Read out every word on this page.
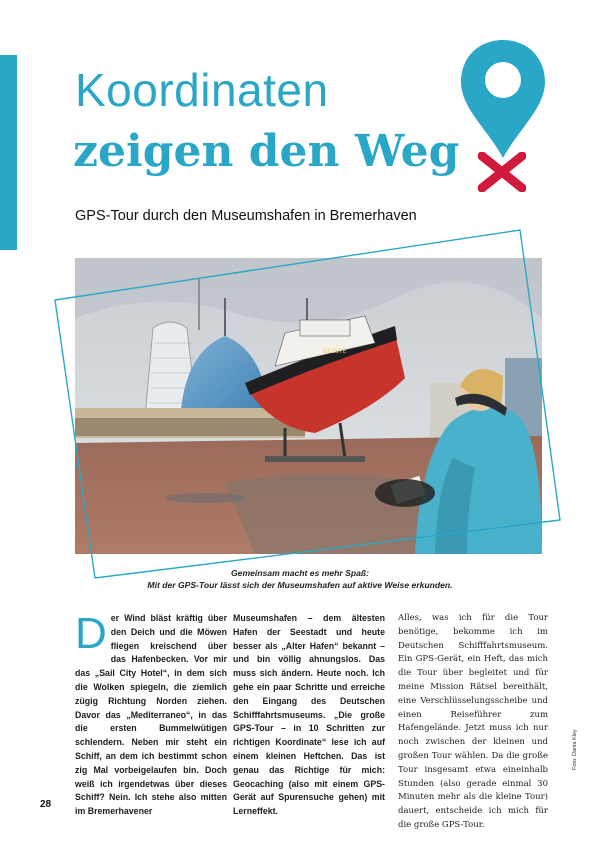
Koordinaten
zeigen den Weg

GPS-Tour durch den Museumshafen in Bremerhaven

GEESTE
Gemeinsam macht es mehr Spaß:
Mit der GPS-Tour lässt sich der Museumshafen auf aktive Weise erkunden.
D er Wind bläst kräftig über den Deich und die Möwen fliegen kreischend über das Hafenbecken. Vor mir das „Sail City Hotel“, in dem sich die Wolken spiegeln, die ziemlich zügig Richtung Norden ziehen. Davor das „Mediterraneo“, in das die ersten Bummelwütigen schlendern. Neben mir steht ein Schiff, an dem ich bestimmt schon zig Mal vorbeigelaufen bin. Doch weiß ich irgendetwas über dieses Schiff? Nein. Ich stehe also mitten im Bremerhavener
Museumshafen – dem ältesten Hafen der Seestadt und heute besser als „Alter Hafen“ bekannt – und bin völlig ahnungslos. Das muss sich ändern. Heute noch. Ich gehe ein paar Schritte und erreiche den Eingang des Deutschen Schifffahrtsmuseums. „Die große GPS-Tour – in 10 Schritten zur richtigen Koordinate“ lese ich auf einem kleinen Heftchen. Das ist genau das Richtige für mich: Geocaching (also mit einem GPS-Gerät auf Spurensuche gehen) mit Lerneffekt.
Alles, was ich für die Tour benötige, bekomme ich im Deutschen Schifffahrtsmuseum. Ein GPS-Gerät, ein Heft, das mich die Tour über begleitet und für meine Mission Rätsel bereithält, eine Verschlüsselungsscheibe und einen Reiseführer zum Hafengelände. Jetzt muss ich nur noch zwischen der kleinen und großen Tour wählen. Da die große Tour insgesamt etwa eineinhalb Stunden (also gerade einmal 30 Minuten mehr als die kleine Tour) dauert, entscheide ich mich für die große GPS-Tour.
28
Foto: Dania Kley
